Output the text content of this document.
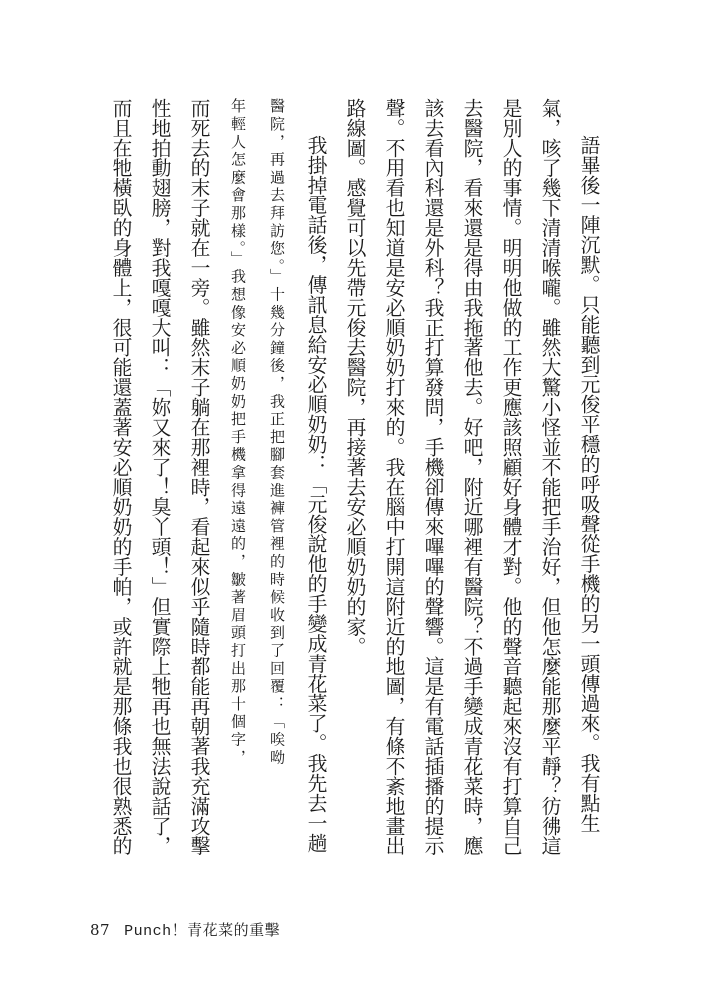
語畢後一陣沉默。只能聽到元俊平穩的呼吸聲從手機的另一頭傳過來。我有點生
氣，咳了幾下清清喉嚨。雖然大驚小怪並不能把手治好，但他怎麼能那麼平靜？彷彿這
是別人的事情。明明他做的工作更應該照顧好身體才對。他的聲音聽起來沒有打算自己
去醫院，看來還是得由我拖著他去。好吧，附近哪裡有醫院？不過手變成青花菜時，應
該去看內科還是外科？我正打算發問，手機卻傳來嗶嗶的聲響。這是有電話插播的提示
聲。不用看也知道是安必順奶奶打來的。我在腦中打開這附近的地圖，有條不紊地畫出
路線圖。感覺可以先帶元俊去醫院，再接著去安必順奶奶的家。
我掛掉電話後，傳訊息給安必順奶奶：「元俊說他的手變成青花菜了。我先去一趟
醫院，再過去拜訪您。」十幾分鐘後，我正把腳套進褲管裡的時候收到了回覆：「唉呦
年輕人怎麼會那樣。」我想像安必順奶奶把手機拿得遠遠的，皺著眉頭打出那十個字，
而死去的末子就在一旁。雖然末子躺在那裡時，看起來似乎隨時都能再朝著我充滿攻擊
性地拍動翅膀，對我嘎嘎大叫：「妳又來了！臭丫頭！」但實際上牠再也無法說話了，
而且在牠橫臥的身體上，很可能還蓋著安必順奶奶的手帕，或許就是那條我也很熟悉的
87 Punch！青花菜的重擊
